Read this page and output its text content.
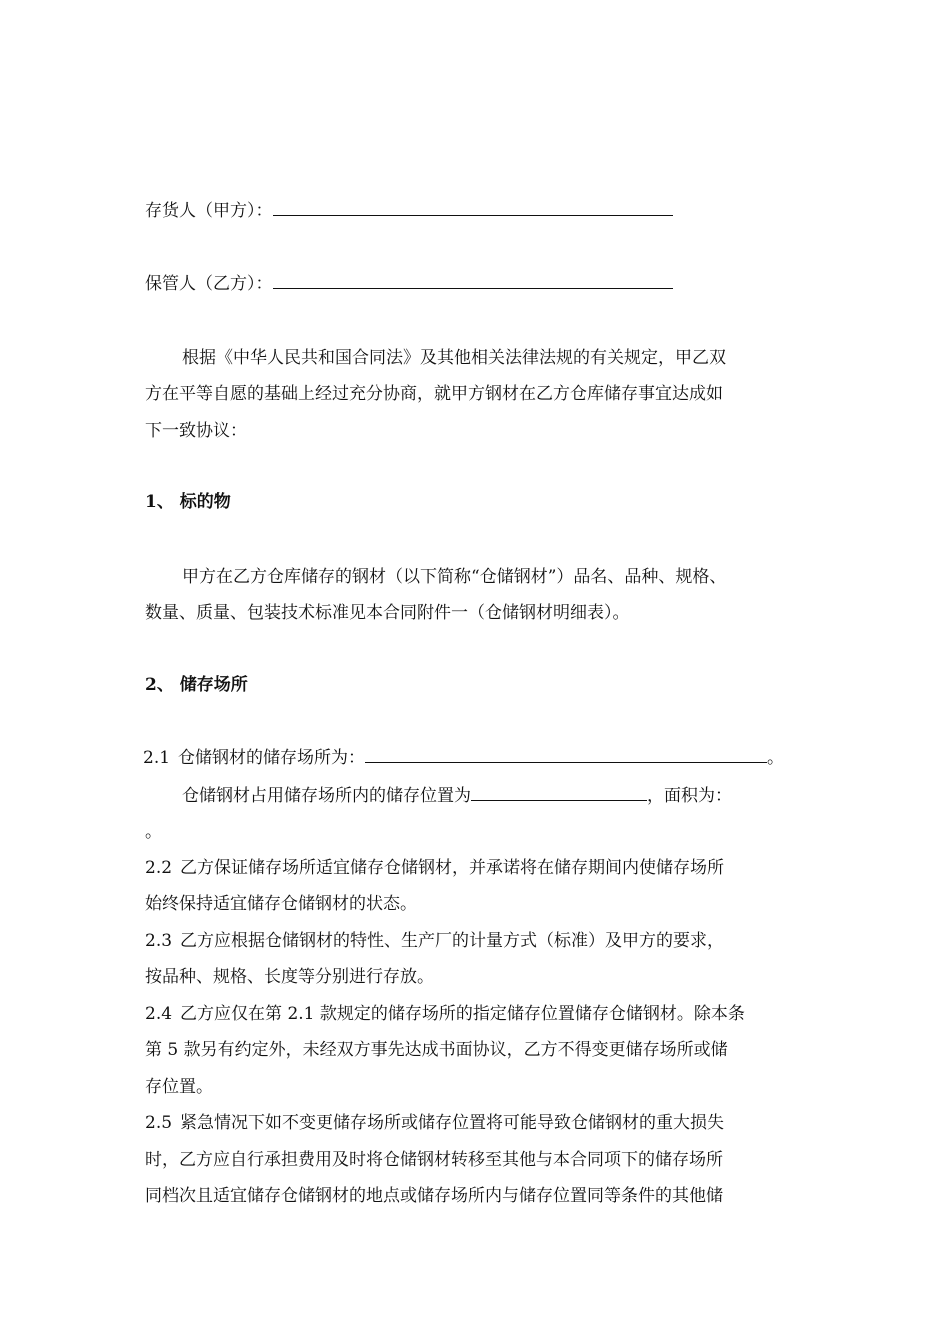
存货人（甲方）：
保管人（乙方）：
根据《中华人民共和国合同法》及其他相关法律法规的有关规定，甲乙双
方在平等自愿的基础上经过充分协商，就甲方钢材在乙方仓库储存事宜达成如
下一致协议：
1、 标的物
甲方在乙方仓库储存的钢材（以下简称“仓储钢材”）品名、品种、规格、
数量、质量、包装技术标准见本合同附件一（仓储钢材明细表）。
2、 储存场所
2.1 仓储钢材的储存场所为：	。
仓储钢材占用储存场所内的储存位置为	，面积为：
。
2.2 乙方保证储存场所适宜储存仓储钢材，并承诺将在储存期间内使储存场所
始终保持适宜储存仓储钢材的状态。
2.3 乙方应根据仓储钢材的特性、生产厂的计量方式（标准）及甲方的要求，
按品种、规格、长度等分别进行存放。
2.4 乙方应仅在第 2.1 款规定的储存场所的指定储存位置储存仓储钢材。除本条
第 5 款另有约定外，未经双方事先达成书面协议，乙方不得变更储存场所或储
存位置。
2.5 紧急情况下如不变更储存场所或储存位置将可能导致仓储钢材的重大损失
时，乙方应自行承担费用及时将仓储钢材转移至其他与本合同项下的储存场所
同档次且适宜储存仓储钢材的地点或储存场所内与储存位置同等条件的其他储
